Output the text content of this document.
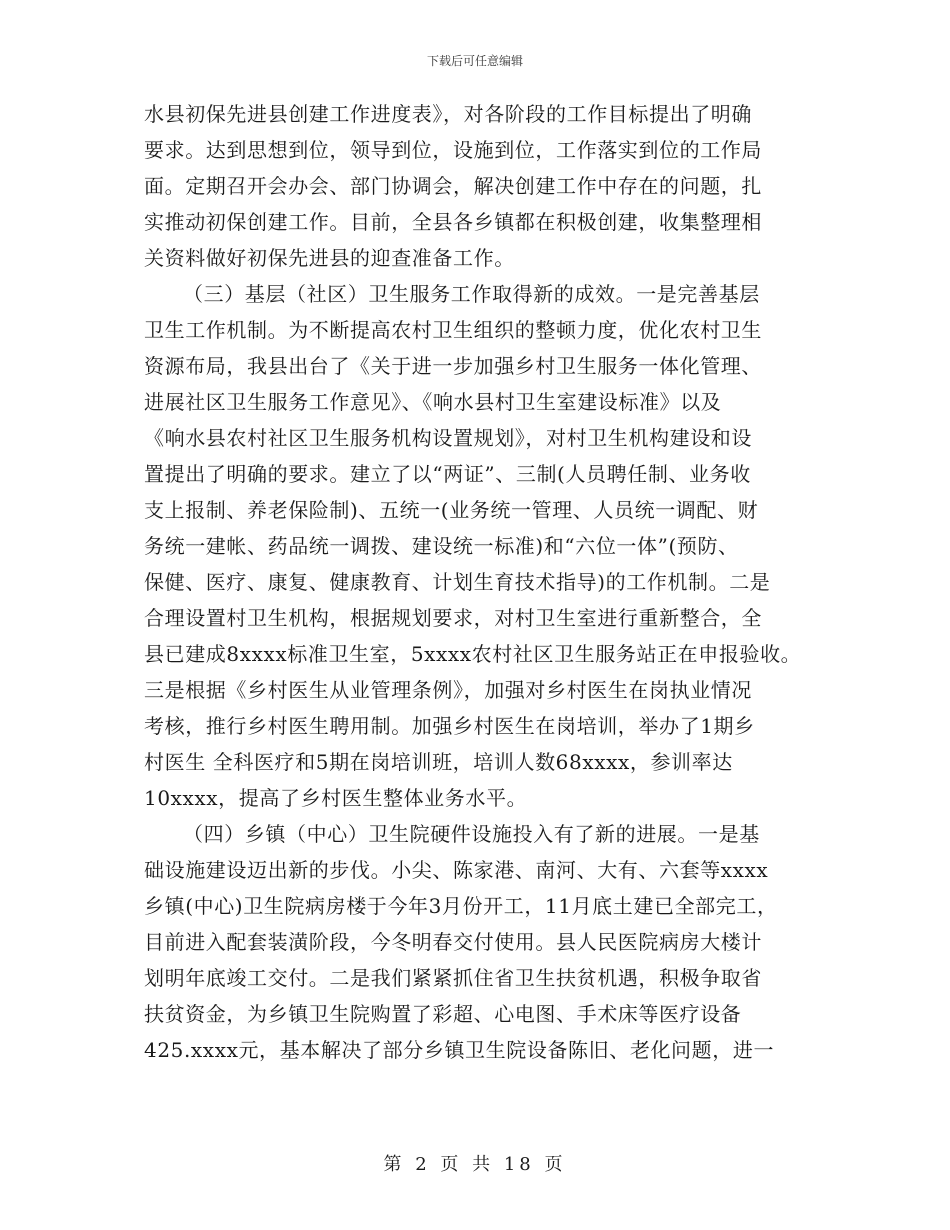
下载后可任意编辑
水县初保先进县创建工作进度表》，对各阶段的工作目标提出了明确
要求。达到思想到位，领导到位，设施到位，工作落实到位的工作局
面。定期召开会办会、部门协调会，解决创建工作中存在的问题，扎
实推动初保创建工作。目前，全县各乡镇都在积极创建，收集整理相
关资料做好初保先进县的迎查准备工作。
（三）基层（社区）卫生服务工作取得新的成效。一是完善基层
卫生工作机制。为不断提高农村卫生组织的整顿力度，优化农村卫生
资源布局，我县出台了《关于进一步加强乡村卫生服务一体化管理、
进展社区卫生服务工作意见》、《响水县村卫生室建设标准》以及
《响水县农村社区卫生服务机构设置规划》，对村卫生机构建设和设
置提出了明确的要求。建立了以“两证”、三制(人员聘任制、业务收
支上报制、养老保险制)、五统一(业务统一管理、人员统一调配、财
务统一建帐、药品统一调拨、建设统一标准)和“六位一体”(预防、
保健、医疗、康复、健康教育、计划生育技术指导)的工作机制。二是
合理设置村卫生机构，根据规划要求，对村卫生室进行重新整合，全
县已建成8xxxx标准卫生室，5xxxx农村社区卫生服务站正在申报验收。
三是根据《乡村医生从业管理条例》，加强对乡村医生在岗执业情况
考核，推行乡村医生聘用制。加强乡村医生在岗培训，举办了1期乡
村医生 全科医疗和5期在岗培训班，培训人数68xxxx，参训率达
10xxxx，提高了乡村医生整体业务水平。
（四）乡镇（中心）卫生院硬件设施投入有了新的进展。一是基
础设施建设迈出新的步伐。小尖、陈家港、南河、大有、六套等xxxx
乡镇(中心)卫生院病房楼于今年3月份开工，11月底土建已全部完工，
目前进入配套装潢阶段，今冬明春交付使用。县人民医院病房大楼计
划明年底竣工交付。二是我们紧紧抓住省卫生扶贫机遇，积极争取省
扶贫资金，为乡镇卫生院购置了彩超、心电图、手术床等医疗设备
425.xxxx元，基本解决了部分乡镇卫生院设备陈旧、老化问题，进一
第 2 页 共 18 页
